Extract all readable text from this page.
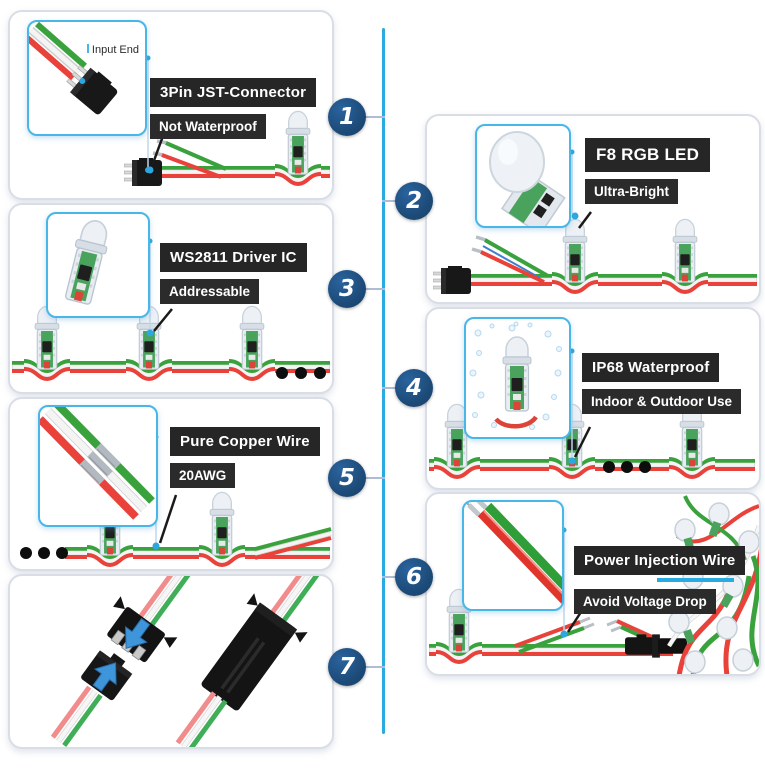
1
2
3
4
5
6
7
Input End
3Pin JST-Connector
Not Waterproof
WS2811 Driver IC
Addressable
Pure Copper Wire
20AWG
F8 RGB LED
Ultra-Bright
IP68 Waterproof
Indoor & Outdoor Use
Power Injection Wire
Avoid Voltage Drop
